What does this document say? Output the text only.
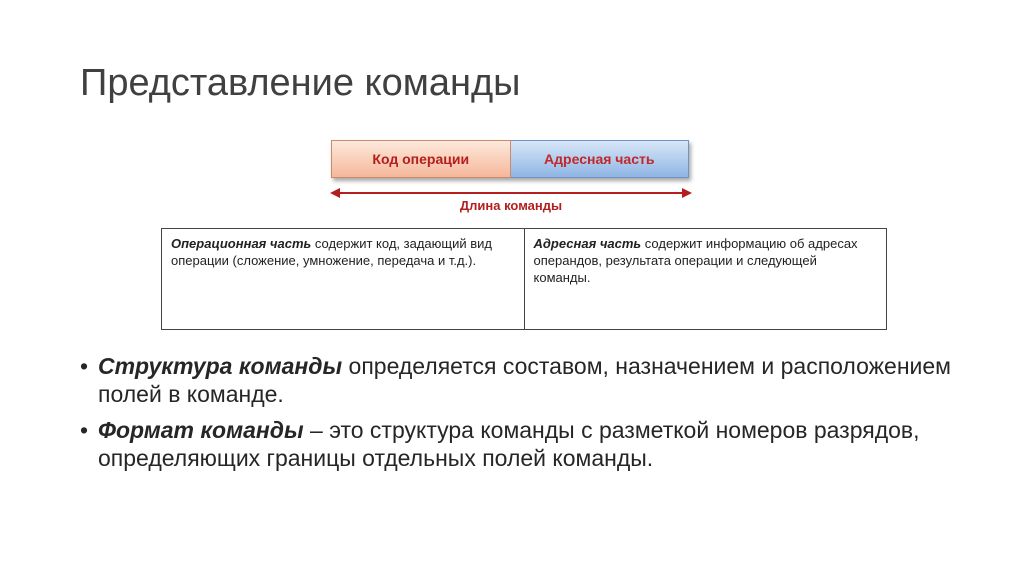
Представление команды
Код операции	Адресная часть
Длина команды
Операционная часть содержит код, задающий вид операции (сложение, умножение, передача и т.д.).
Адресная часть содержит информацию об адресах операндов, результата операции и следующей команды.
• Структура команды определяется составом, назначением и расположением полей в команде.
• Формат команды – это структура команды с разметкой номеров разрядов, определяющих границы отдельных полей команды.
